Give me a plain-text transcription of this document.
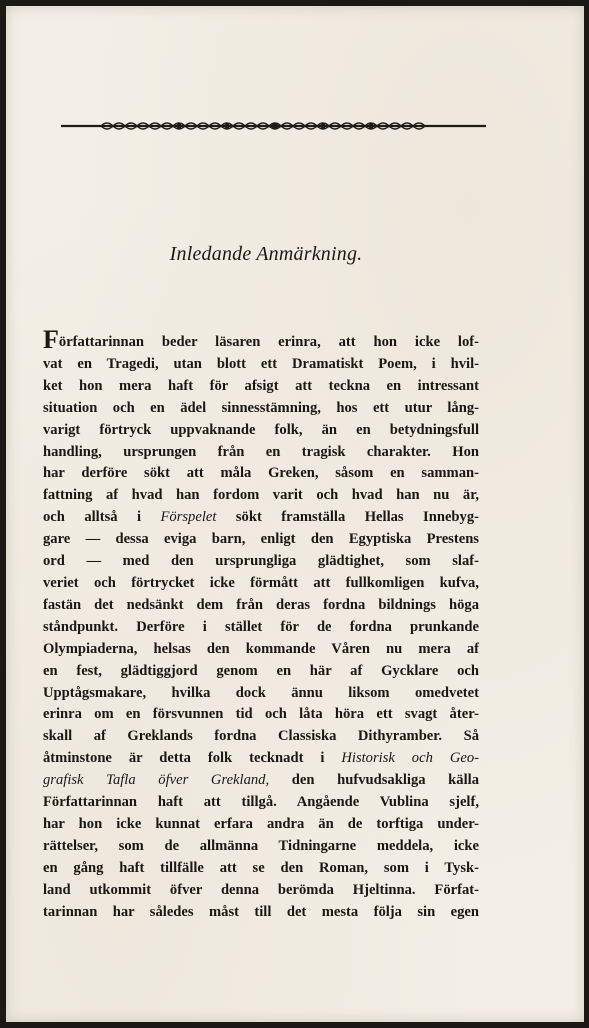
Inledande Anmärkning.
Författarinnan beder läsaren erinra, att hon icke lof-
vat en Tragedi, utan blott ett Dramatiskt Poem, i hvil-
ket hon mera haft för afsigt att teckna en intressant
situation och en ädel sinnesstämning, hos ett utur lång-
varigt förtryck uppvaknande folk, än en betydningsfull
handling, ursprungen från en tragisk charakter. Hon
har derföre sökt att måla Greken, såsom en samman-
fattning af hvad han fordom varit och hvad han nu är,
och alltså i Förspelet sökt framställa Hellas Innebyg-
gare — dessa eviga barn, enligt den Egyptiska Prestens
ord — med den ursprungliga glädtighet, som slaf-
veriet och förtrycket icke förmått att fullkomligen kufva,
fastän det nedsänkt dem från deras fordna bildnings höga
ståndpunkt. Derföre i stället för de fordna prunkande
Olympiaderna, helsas den kommande Våren nu mera af
en fest, glädtiggjord genom en här af Gycklare och
Upptågsmakare, hvilka dock ännu liksom omedvetet
erinra om en försvunnen tid och låta höra ett svagt åter-
skall af Greklands fordna Classiska Dithyramber. Så
åtminstone är detta folk tecknadt i Historisk och Geo-
grafisk Tafla öfver Grekland, den hufvudsakliga källa
Författarinnan haft att tillgå. Angående Vublina sjelf,
har hon icke kunnat erfara andra än de torftiga under-
rättelser, som de allmänna Tidningarne meddela, icke
en gång haft tillfälle att se den Roman, som i Tysk-
land utkommit öfver denna berömda Hjeltinna. Förfat-
tarinnan har således måst till det mesta följa sin egen
